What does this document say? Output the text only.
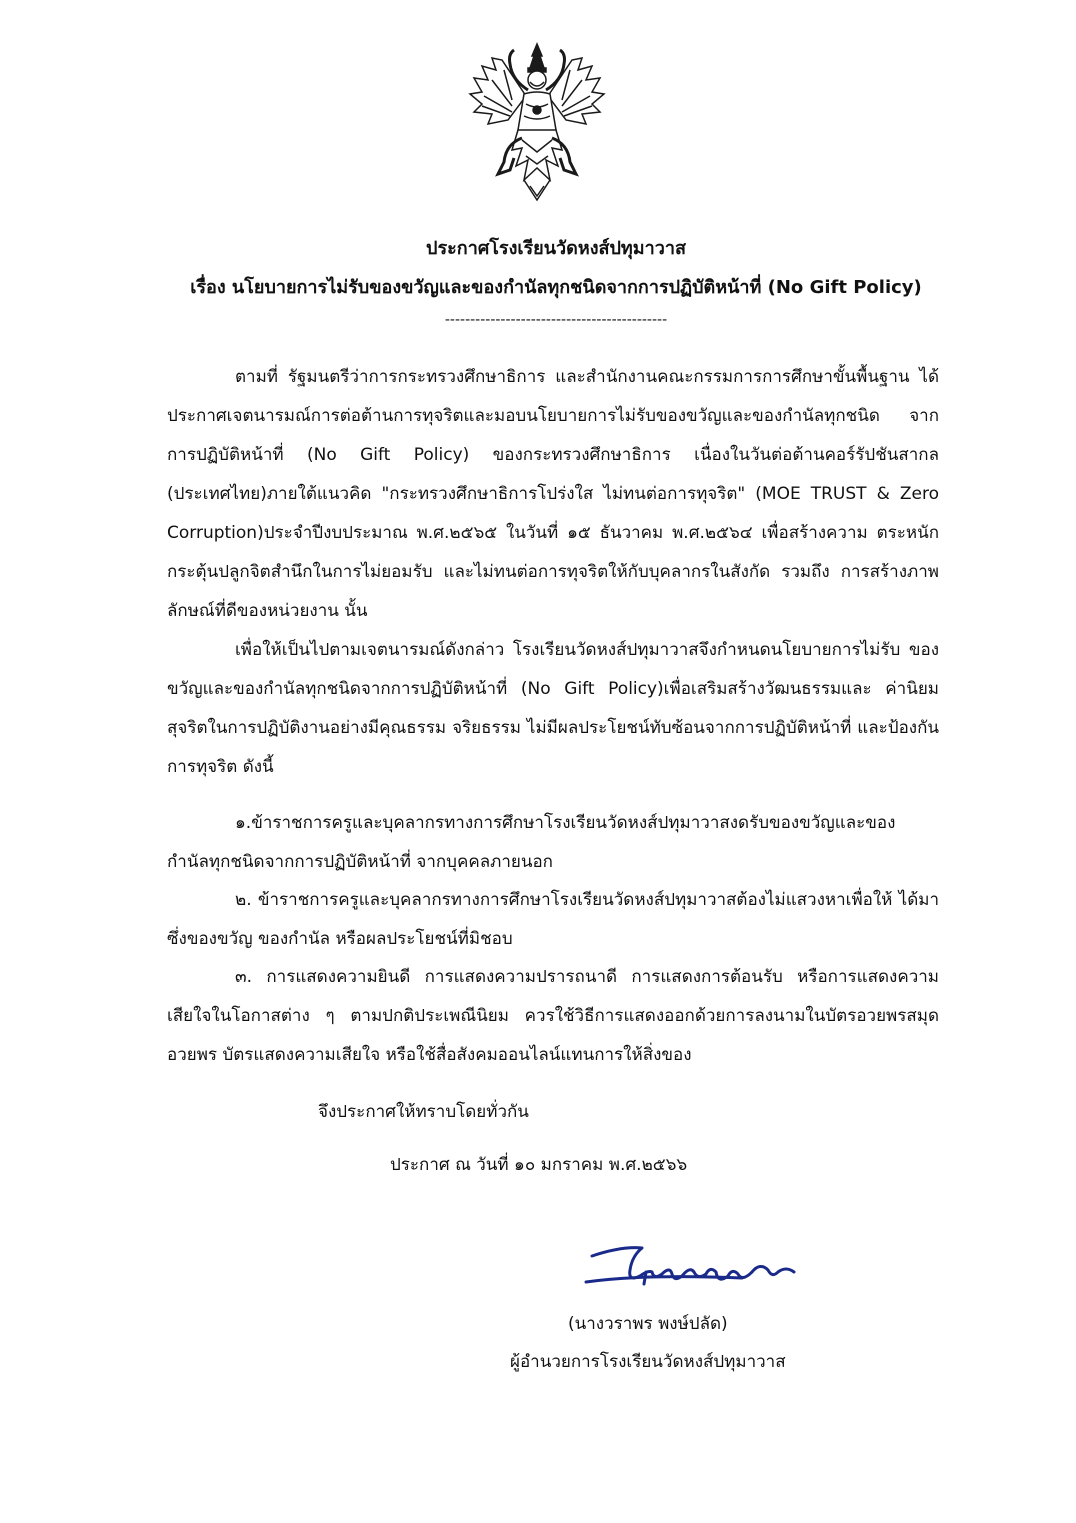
ประกาศโรงเรียนวัดหงส์ปทุมาวาส
เรื่อง นโยบายการไม่รับของขวัญและของกำนัลทุกชนิดจากการปฏิบัติหน้าที่ (No Gift Policy)
--------------------------------------------
ตามที่ รัฐมนตรีว่าการกระทรวงศึกษาธิการ และสำนักงานคณะกรรมการการศึกษาขั้นพื้นฐาน ได้ประกาศเจตนารมณ์การต่อต้านการทุจริตและมอบนโยบายการไม่รับของขวัญและของกำนัลทุกชนิด จากการปฏิบัติหน้าที่ (No Gift Policy) ของกระทรวงศึกษาธิการ เนื่องในวันต่อต้านคอร์รัปชันสากล (ประเทศไทย)ภายใต้แนวคิด "กระทรวงศึกษาธิการโปร่งใส ไม่ทนต่อการทุจริต" (MOE TRUST & Zero Corruption)ประจำปีงบประมาณ พ.ศ.๒๕๖๕ ในวันที่ ๑๕ ธันวาคม พ.ศ.๒๕๖๔ เพื่อสร้างความ ตระหนัก กระตุ้นปลูกจิตสำนึกในการไม่ยอมรับ และไม่ทนต่อการทุจริตให้กับบุคลากรในสังกัด รวมถึง การสร้างภาพลักษณ์ที่ดีของหน่วยงาน นั้น
เพื่อให้เป็นไปตามเจตนารมณ์ดังกล่าว โรงเรียนวัดหงส์ปทุมาวาสจึงกำหนดนโยบายการไม่รับ ของขวัญและของกำนัลทุกชนิดจากการปฏิบัติหน้าที่ (No Gift Policy)เพื่อเสริมสร้างวัฒนธรรมและ ค่านิยมสุจริตในการปฏิบัติงานอย่างมีคุณธรรม จริยธรรม ไม่มีผลประโยชน์ทับซ้อนจากการปฏิบัติหน้าที่ และป้องกันการทุจริต ดังนี้
๑.ข้าราชการครูและบุคลากรทางการศึกษาโรงเรียนวัดหงส์ปทุมาวาสงดรับของขวัญและของ กำนัลทุกชนิดจากการปฏิบัติหน้าที่ จากบุคคลภายนอก
๒. ข้าราชการครูและบุคลากรทางการศึกษาโรงเรียนวัดหงส์ปทุมาวาสต้องไม่แสวงหาเพื่อให้ ได้มาซึ่งของขวัญ ของกำนัล หรือผลประโยชน์ที่มิชอบ
๓. การแสดงความยินดี การแสดงความปรารถนาดี การแสดงการต้อนรับ หรือการแสดงความ เสียใจในโอกาสต่าง ๆ ตามปกติประเพณีนิยม ควรใช้วิธีการแสดงออกด้วยการลงนามในบัตรอวยพรสมุด อวยพร บัตรแสดงความเสียใจ หรือใช้สื่อสังคมออนไลน์แทนการให้สิ่งของ
จึงประกาศให้ทราบโดยทั่วกัน
ประกาศ ณ วันที่ ๑๐ มกราคม พ.ศ.๒๕๖๖
(นางวราพร พงษ์ปลัด)
ผู้อำนวยการโรงเรียนวัดหงส์ปทุมาวาส
